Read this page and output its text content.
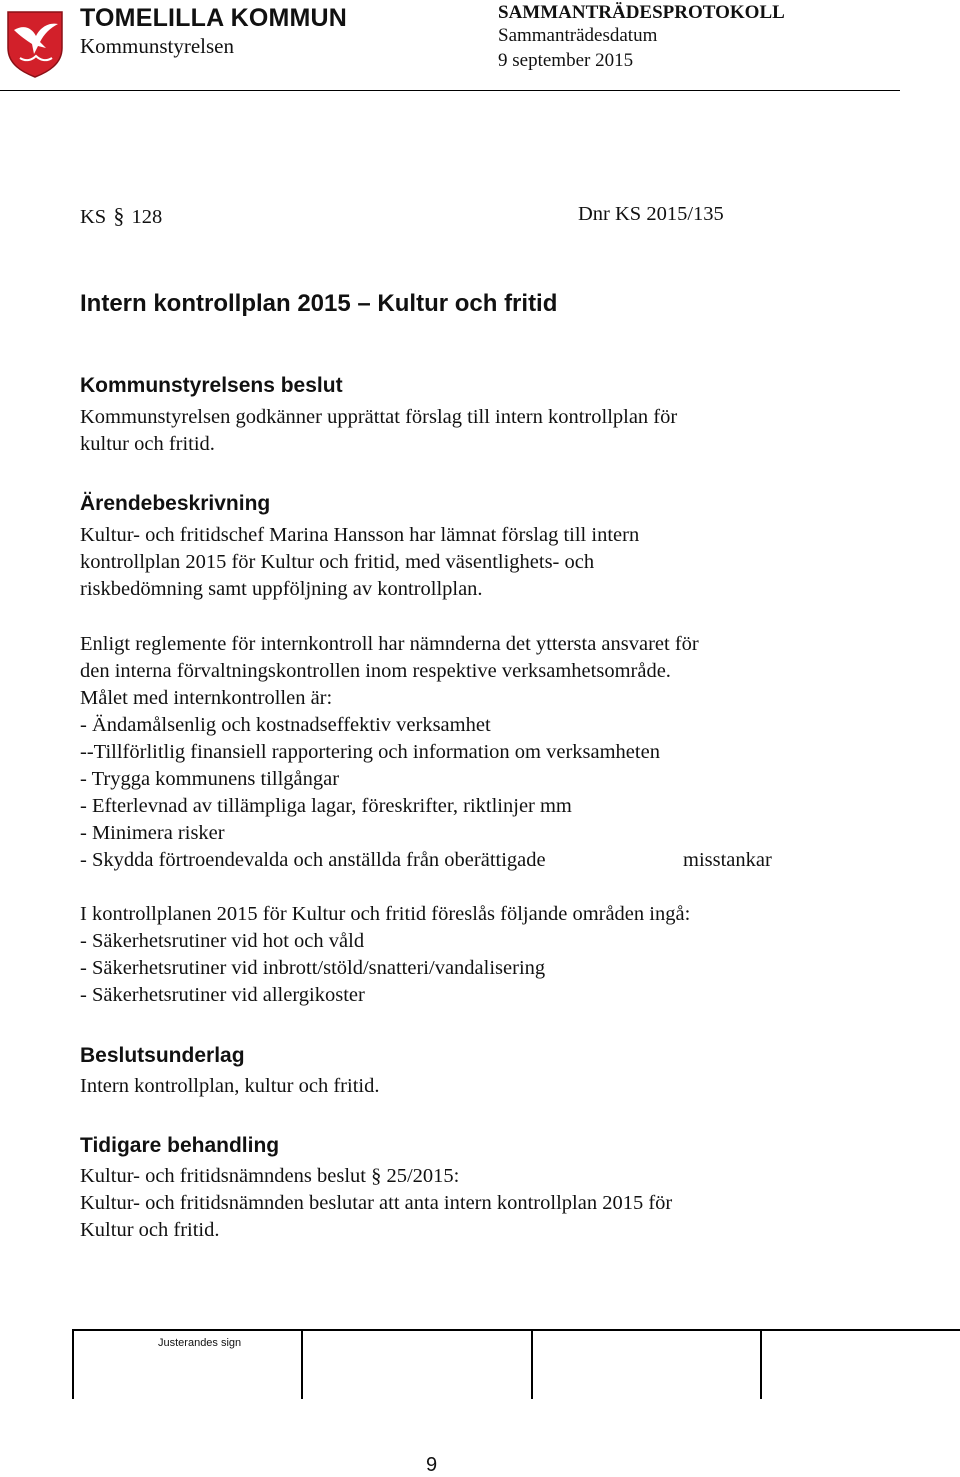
TOMELILLA KOMMUN
Kommunstyrelsen
SAMMANTRÄDESPROTOKOLL
Sammanträdesdatum
9 september 2015
KS § 128	Dnr KS 2015/135
Intern kontrollplan 2015 – Kultur och fritid
Kommunstyrelsens beslut
Kommunstyrelsen godkänner upprättat förslag till intern kontrollplan för
kultur och fritid.
Ärendebeskrivning
Kultur- och fritidschef Marina Hansson har lämnat förslag till intern
kontrollplan 2015 för Kultur och fritid, med väsentlighets- och
riskbedömning samt uppföljning av kontrollplan.
Enligt reglemente för internkontroll har nämnderna det yttersta ansvaret för
den interna förvaltningskontrollen inom respektive verksamhetsområde.
Målet med internkontrollen är:
- Ändamålsenlig och kostnadseffektiv verksamhet
--Tillförlitlig finansiell rapportering och information om verksamheten
- Trygga kommunens tillgångar
- Efterlevnad av tillämpliga lagar, föreskrifter, riktlinjer mm
- Minimera risker
- Skydda förtroendevalda och anställda från oberättigade	misstankar
I kontrollplanen 2015 för Kultur och fritid föreslås följande områden ingå:
- Säkerhetsrutiner vid hot och våld
- Säkerhetsrutiner vid inbrott/stöld/snatteri/vandalisering
- Säkerhetsrutiner vid allergikoster
Beslutsunderlag
Intern kontrollplan, kultur och fritid.
Tidigare behandling
Kultur- och fritidsnämndens beslut § 25/2015:
Kultur- och fritidsnämnden beslutar att anta intern kontrollplan 2015 för
Kultur och fritid.
Justerandes sign
9
